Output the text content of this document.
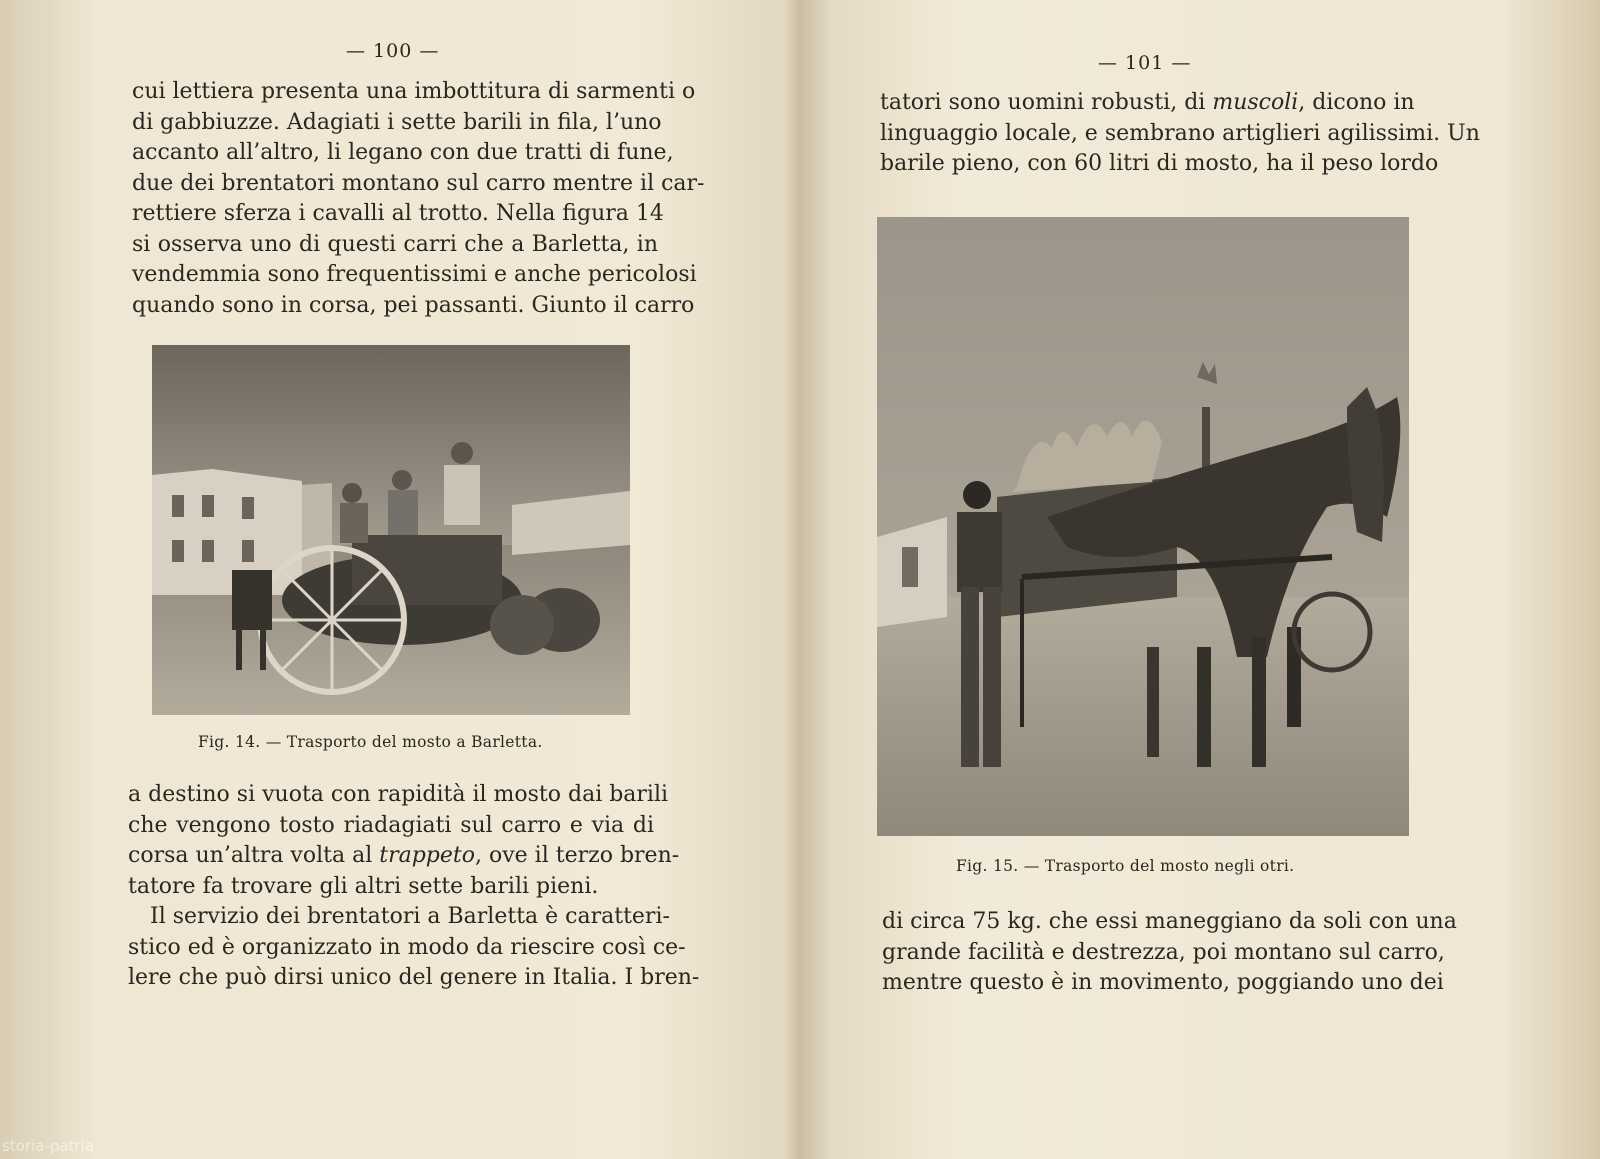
— 100 —
cui lettiera presenta una imbottitura di sarmenti o
di gabbiuzze. Adagiati i sette barili in fila, l’uno
accanto all’altro, li legano con due tratti di fune,
due dei brentatori montano sul carro mentre il car-
rettiere sferza i cavalli al trotto. Nella figura 14
si osserva uno di questi carri che a Barletta, in
vendemmia sono frequentissimi e anche pericolosi
quando sono in corsa, pei passanti. Giunto il carro
Fig. 14. — Trasporto del mosto a Barletta.
a destino si vuota con rapidità il mosto dai barili
che vengono tosto riadagiati sul carro e via di
corsa un’altra volta al trappeto, ove il terzo bren-
tatore fa trovare gli altri sette barili pieni.
Il servizio dei brentatori a Barletta è caratteri-
stico ed è organizzato in modo da riescire così ce-
lere che può dirsi unico del genere in Italia. I bren-
— 101 —
tatori sono uomini robusti, di muscoli, dicono in
linguaggio locale, e sembrano artiglieri agilissimi. Un
barile pieno, con 60 litri di mosto, ha il peso lordo
Fig. 15. — Trasporto del mosto negli otri.
di circa 75 kg. che essi maneggiano da soli con una
grande facilità e destrezza, poi montano sul carro,
mentre questo è in movimento, poggiando uno dei
storia-patria
